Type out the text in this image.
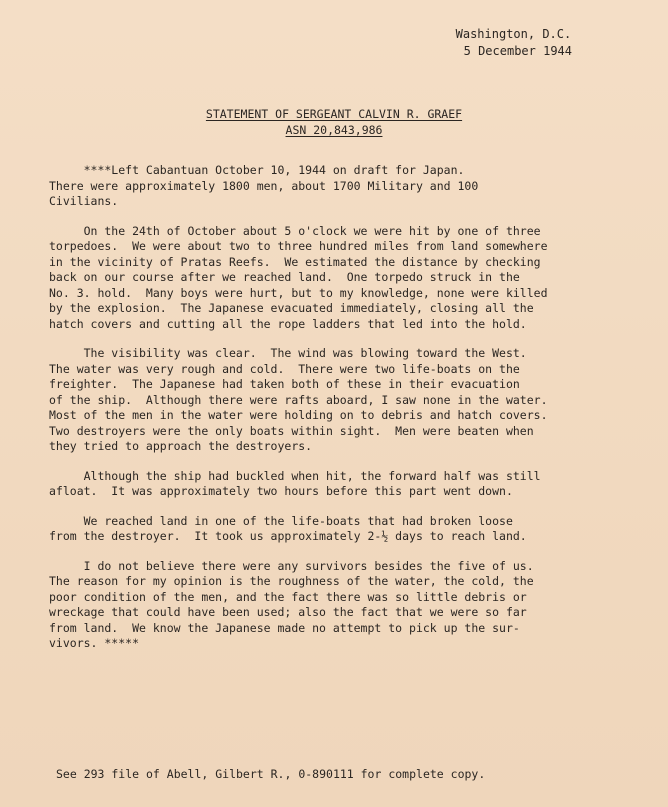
Washington, D.C.
5 December 1944
STATEMENT OF SERGEANT CALVIN R. GRAEF
ASN 20,843,986
****Left Cabantuan October 10, 1944 on draft for Japan.
There were approximately 1800 men, about 1700 Military and 100
Civilians.
On the 24th of October about 5 o'clock we were hit by one of three
torpedoes.  We were about two to three hundred miles from land somewhere
in the vicinity of Pratas Reefs.  We estimated the distance by checking
back on our course after we reached land.  One torpedo struck in the
No. 3. hold.  Many boys were hurt, but to my knowledge, none were killed
by the explosion.  The Japanese evacuated immediately, closing all the
hatch covers and cutting all the rope ladders that led into the hold.
The visibility was clear.  The wind was blowing toward the West.
The water was very rough and cold.  There were two life-boats on the
freighter.  The Japanese had taken both of these in their evacuation
of the ship.  Although there were rafts aboard, I saw none in the water.
Most of the men in the water were holding on to debris and hatch covers.
Two destroyers were the only boats within sight.  Men were beaten when
they tried to approach the destroyers.
Although the ship had buckled when hit, the forward half was still
afloat.  It was approximately two hours before this part went down.
We reached land in one of the life-boats that had broken loose
from the destroyer.  It took us approximately 2-½ days to reach land.
I do not believe there were any survivors besides the five of us.
The reason for my opinion is the roughness of the water, the cold, the
poor condition of the men, and the fact there was so little debris or
wreckage that could have been used; also the fact that we were so far
from land.  We know the Japanese made no attempt to pick up the sur-
vivors. *****
See 293 file of Abell, Gilbert R., 0-890111 for complete copy.
